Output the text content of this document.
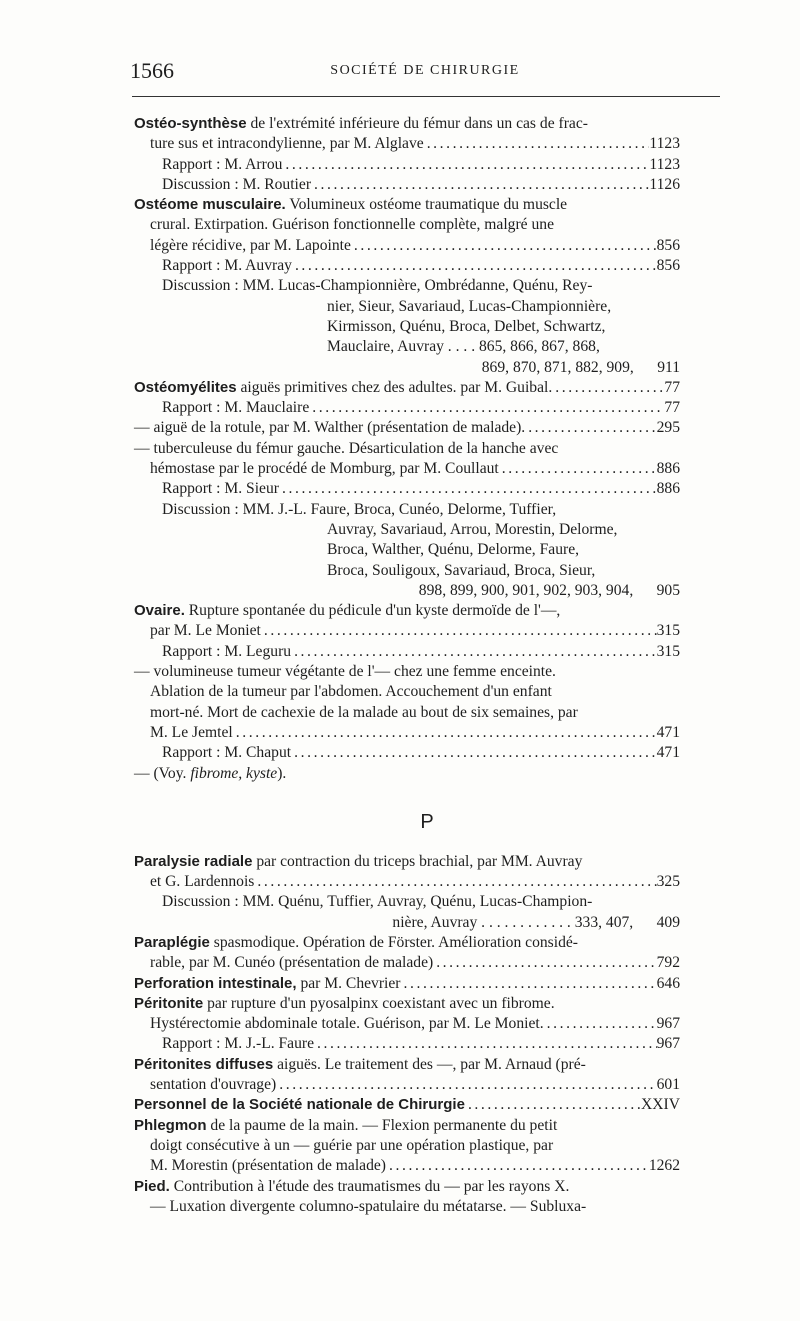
1566	SOCIÉTÉ DE CHIRURGIE
Ostéo-synthèse de l'extrémité inférieure du fémur dans un cas de frac-
ture sus et intracondylienne, par M. Alglave .....	1123
Rapport : M. Arrou .....	1123
Discussion : M. Routier .....	1126
Ostéome musculaire. Volumineux ostéome traumatique du muscle
crural. Extirpation. Guérison fonctionnelle complète, malgré une
légère récidive, par M. Lapointe .....	856
Rapport : M. Auvray .....	856
Discussion : MM. Lucas-Championnière, Ombrédanne, Quénu, Rey-
nier, Sieur, Savariaud, Lucas-Championnière,
Kirmisson, Quénu, Broca, Delbet, Schwartz,
Mauclaire, Auvray . . . . 865, 866, 867, 868,
869, 870, 871, 882, 909, 911
Ostéomyélites aiguës primitives chez des adultes. par M. Guibal. .....	77
Rapport : M. Mauclaire .....	77
— aiguë de la rotule, par M. Walther (présentation de malade). .....	295
— tuberculeuse du fémur gauche. Désarticulation de la hanche avec
hémostase par le procédé de Momburg, par M. Coullaut .....	886
Rapport : M. Sieur .....	886
Discussion : MM. J.-L. Faure, Broca, Cunéo, Delorme, Tuffier,
Auvray, Savariaud, Arrou, Morestin, Delorme,
Broca, Walther, Quénu, Delorme, Faure,
Broca, Souligoux, Savariaud, Broca, Sieur,
898, 899, 900, 901, 902, 903, 904, 905
Ovaire. Rupture spontanée du pédicule d'un kyste dermoïde de l'—,
par M. Le Moniet .....	315
Rapport : M. Leguru .....	315
— volumineuse tumeur végétante de l'— chez une femme enceinte.
Ablation de la tumeur par l'abdomen. Accouchement d'un enfant
mort-né. Mort de cachexie de la malade au bout de six semaines, par
M. Le Jemtel .....	471
Rapport : M. Chaput .....	471
— (Voy. fibrome, kyste).
P
Paralysie radiale par contraction du triceps brachial, par MM. Auvray
et G. Lardennois .....	325
Discussion : MM. Quénu, Tuffier, Auvray, Quénu, Lucas-Champion-
nière, Auvray . . . . . . . . . . . . 333, 407, 409
Paraplégie spasmodique. Opération de Förster. Amélioration considé-
rable, par M. Cunéo (présentation de malade) .....	792
Perforation intestinale, par M. Chevrier .....	646
Péritonite par rupture d'un pyosalpinx coexistant avec un fibrome.
Hystérectomie abdominale totale. Guérison, par M. Le Moniet. .....	967
Rapport : M. J.-L. Faure .....	967
Péritonites diffuses aiguës. Le traitement des —, par M. Arnaud (pré-
sentation d'ouvrage) .....	601
Personnel de la Société nationale de Chirurgie .....	XXIV
Phlegmon de la paume de la main. — Flexion permanente du petit
doigt consécutive à un — guérie par une opération plastique, par
M. Morestin (présentation de malade) .....	1262
Pied. Contribution à l'étude des traumatismes du — par les rayons X.
— Luxation divergente columno-spatulaire du métatarse. — Subluxa-
